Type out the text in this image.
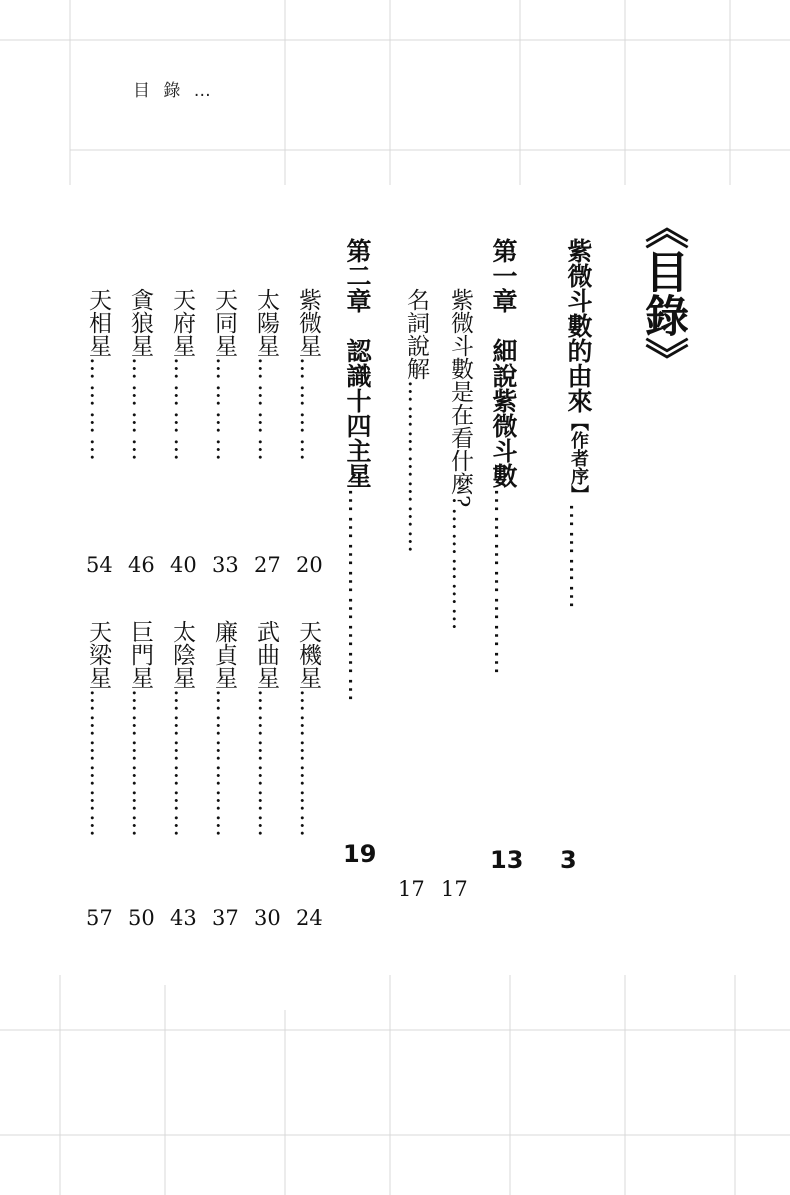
目 錄 …
《目錄》
紫微斗數的由來【作者序】…………
3
第一章　細說紫微斗數…………………
13
紫微斗數是在看什麼?……………
17
名詞說解…………………
17
第二章　認識十四主星……………………
19
紫微星…………
20
太陽星…………
27
天同星…………
33
天府星…………
40
貪狼星…………
46
天相星…………
54
天機星………………
24
武曲星………………
30
廉貞星………………
37
太陰星………………
43
巨門星………………
50
天梁星………………
57
